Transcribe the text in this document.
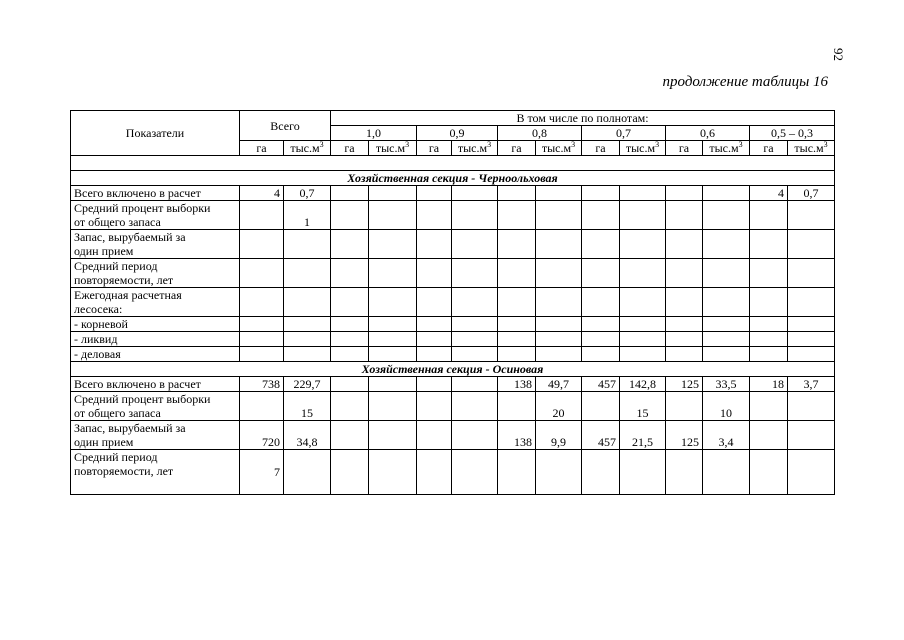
92
продолжение таблицы 16
Показатели	Всего		В том числе по полнотам:											
			1,0		0,9		0,8		0,7		0,6		0,5 – 0,3	
	га	$тыс.м^3$	га	$тыс.м^3$	га	$тыс.м^3$	га	$тыс.м^3$	га	$тыс.м^3$	га	$тыс.м^3$	га	$тыс.м^3$

Хозяйственная секция - Черноольховая														
Всего включено в расчет	4	0,7											4	0,7
Средний процент выборки
от общего запаса		1												
Запас, вырубаемый за
один прием														
Средний период
повторяемости, лет														
Ежегодная расчетная
лесосека:														
- корневой														
- ликвид														
- деловая														
Хозяйственная секция - Осиновая														
Всего включено в расчет	738	229,7					138	49,7	457	142,8	125	33,5	18	3,7
Средний процент выборки
от общего запаса		15						20		15		10		
Запас, вырубаемый за
один прием	720	34,8					138	9,9	457	21,5	125	3,4		
Средний период
повторяемости, лет	7													
